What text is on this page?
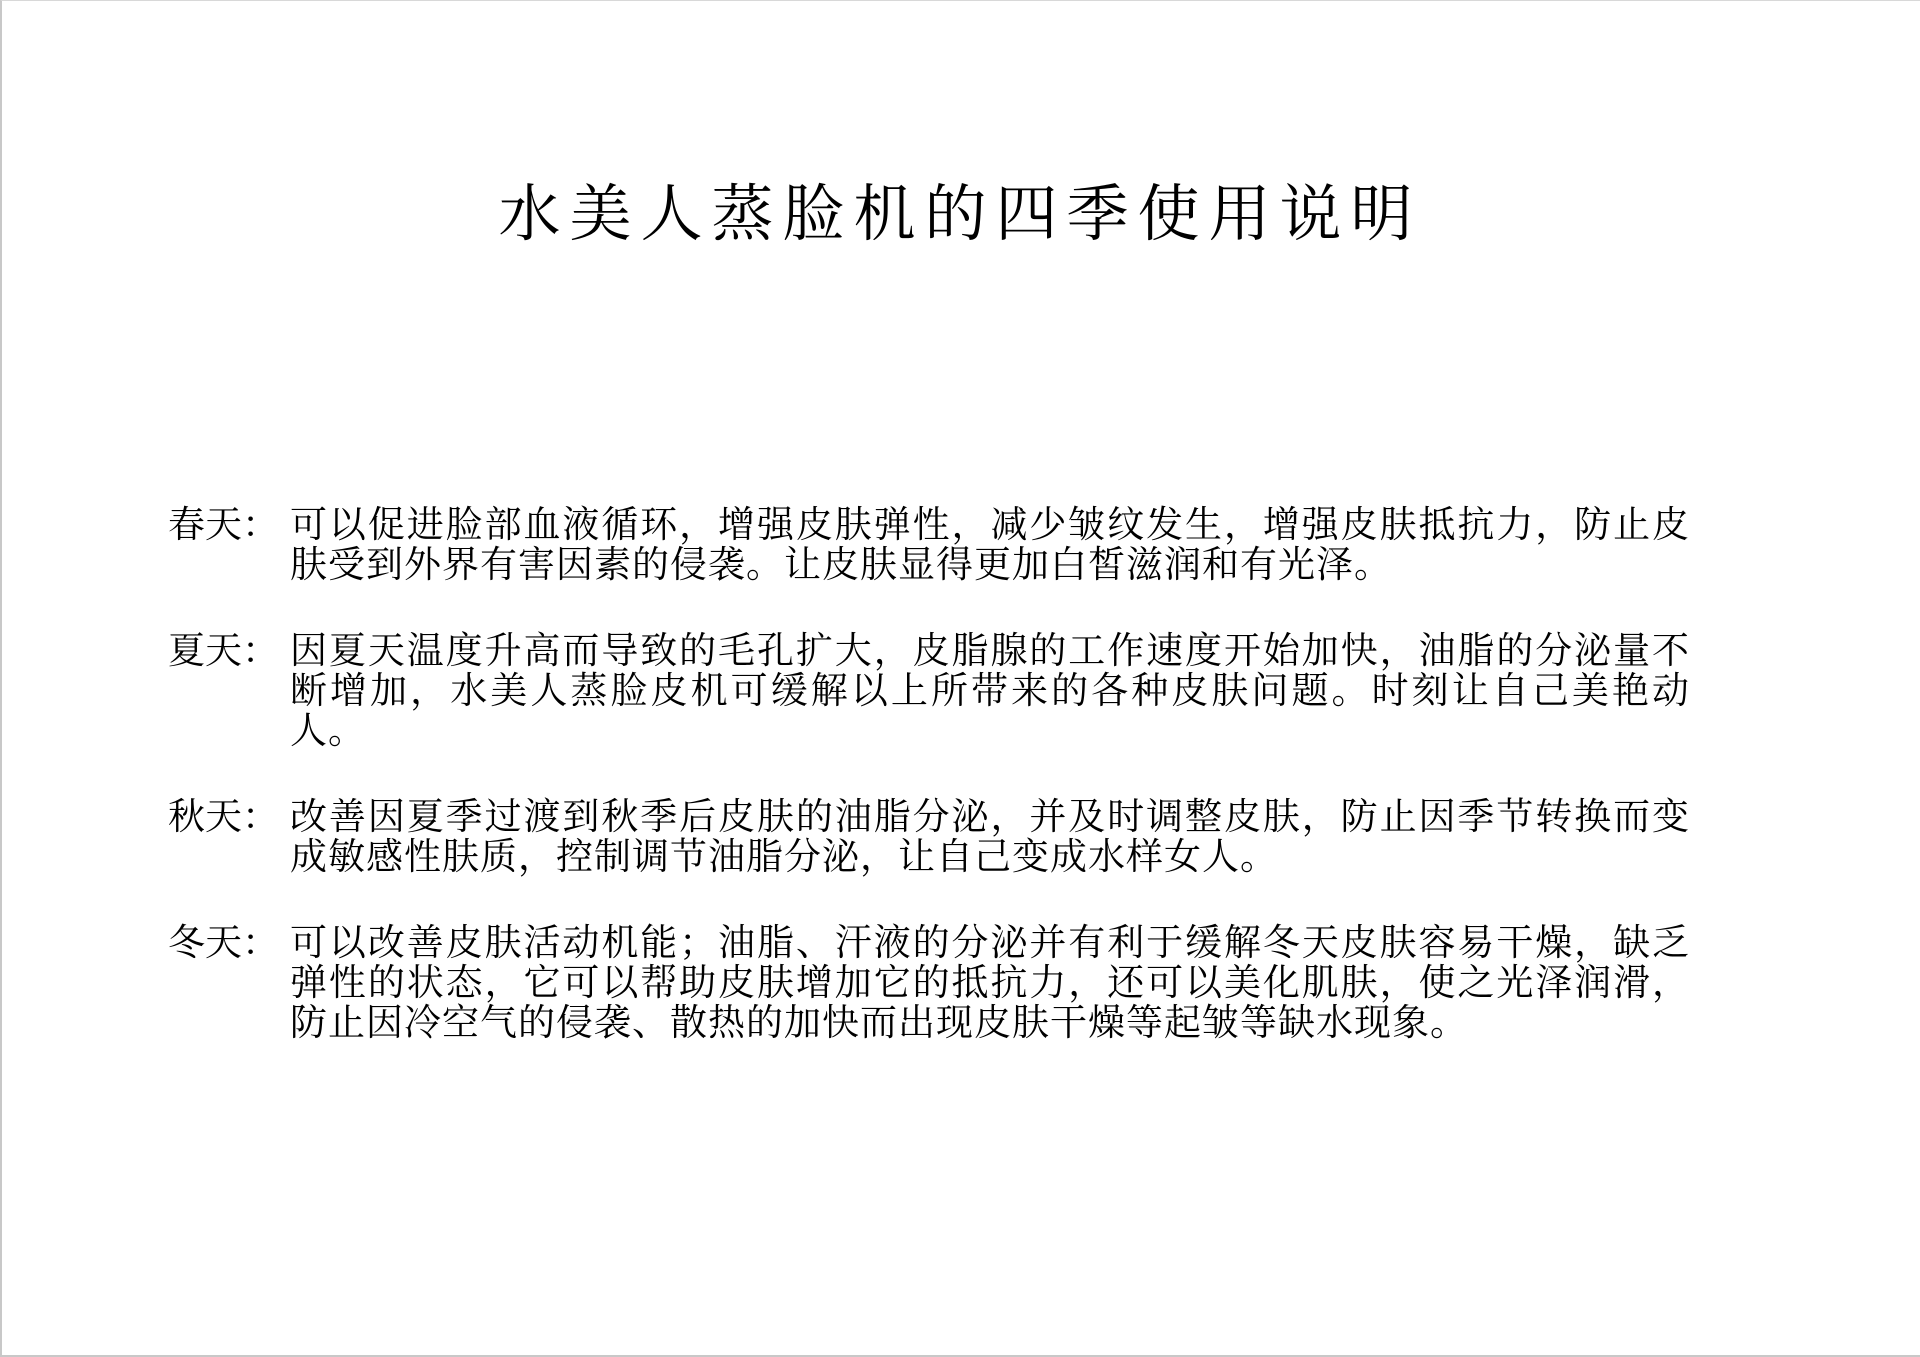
水美人蒸脸机的四季使用说明
春天： 可以促进脸部血液循环，增强皮肤弹性，减少皱纹发生，增强皮肤抵抗力，防止皮肤受到外界有害因素的侵袭。让皮肤显得更加白皙滋润和有光泽。
夏天： 因夏天温度升高而导致的毛孔扩大，皮脂腺的工作速度开始加快，油脂的分泌量不断增加，水美人蒸脸皮机可缓解以上所带来的各种皮肤问题。时刻让自己美艳动人。
秋天： 改善因夏季过渡到秋季后皮肤的油脂分泌，并及时调整皮肤，防止因季节转换而变成敏感性肤质，控制调节油脂分泌，让自己变成水样女人。
冬天： 可以改善皮肤活动机能；油脂、汗液的分泌并有利于缓解冬天皮肤容易干燥，缺乏弹性的状态，它可以帮助皮肤增加它的抵抗力，还可以美化肌肤，使之光泽润滑，防止因冷空气的侵袭、散热的加快而出现皮肤干燥等起皱等缺水现象。
